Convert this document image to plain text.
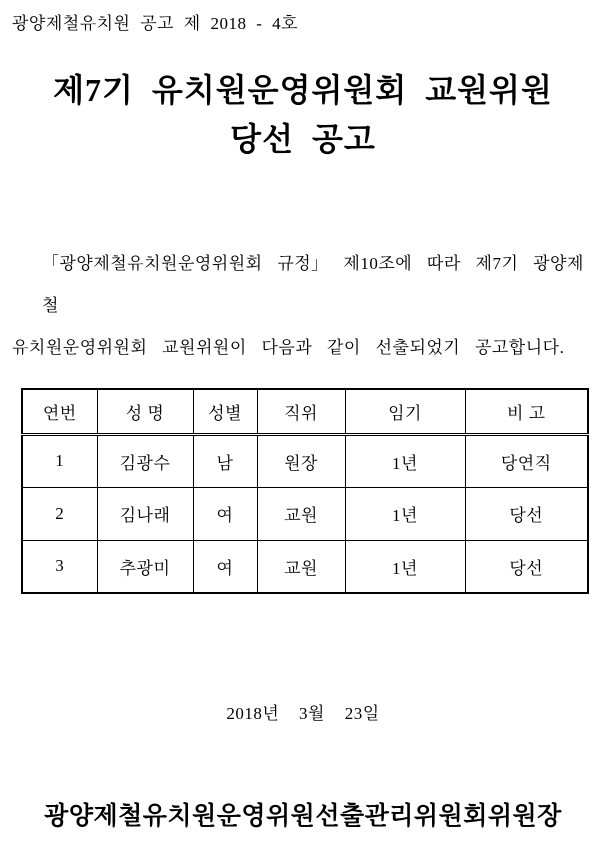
광양제철유치원 공고 제 2018 - 4호
제7기 유치원운영위원회 교원위원
당선 공고
「광양제철유치원운영위원회 규정」 제10조에 따라 제7기 광양제철
유치원운영위원회 교원위원이 다음과 같이 선출되었기 공고합니다.
연번	성 명	성별	직위	임기	비 고
1	김광수	남	원장	1년	당연직
2	김나래	여	교원	1년	당선
3	추광미	여	교원	1년	당선
2018년 3월 23일
광양제철유치원운영위원선출관리위원회위원장
